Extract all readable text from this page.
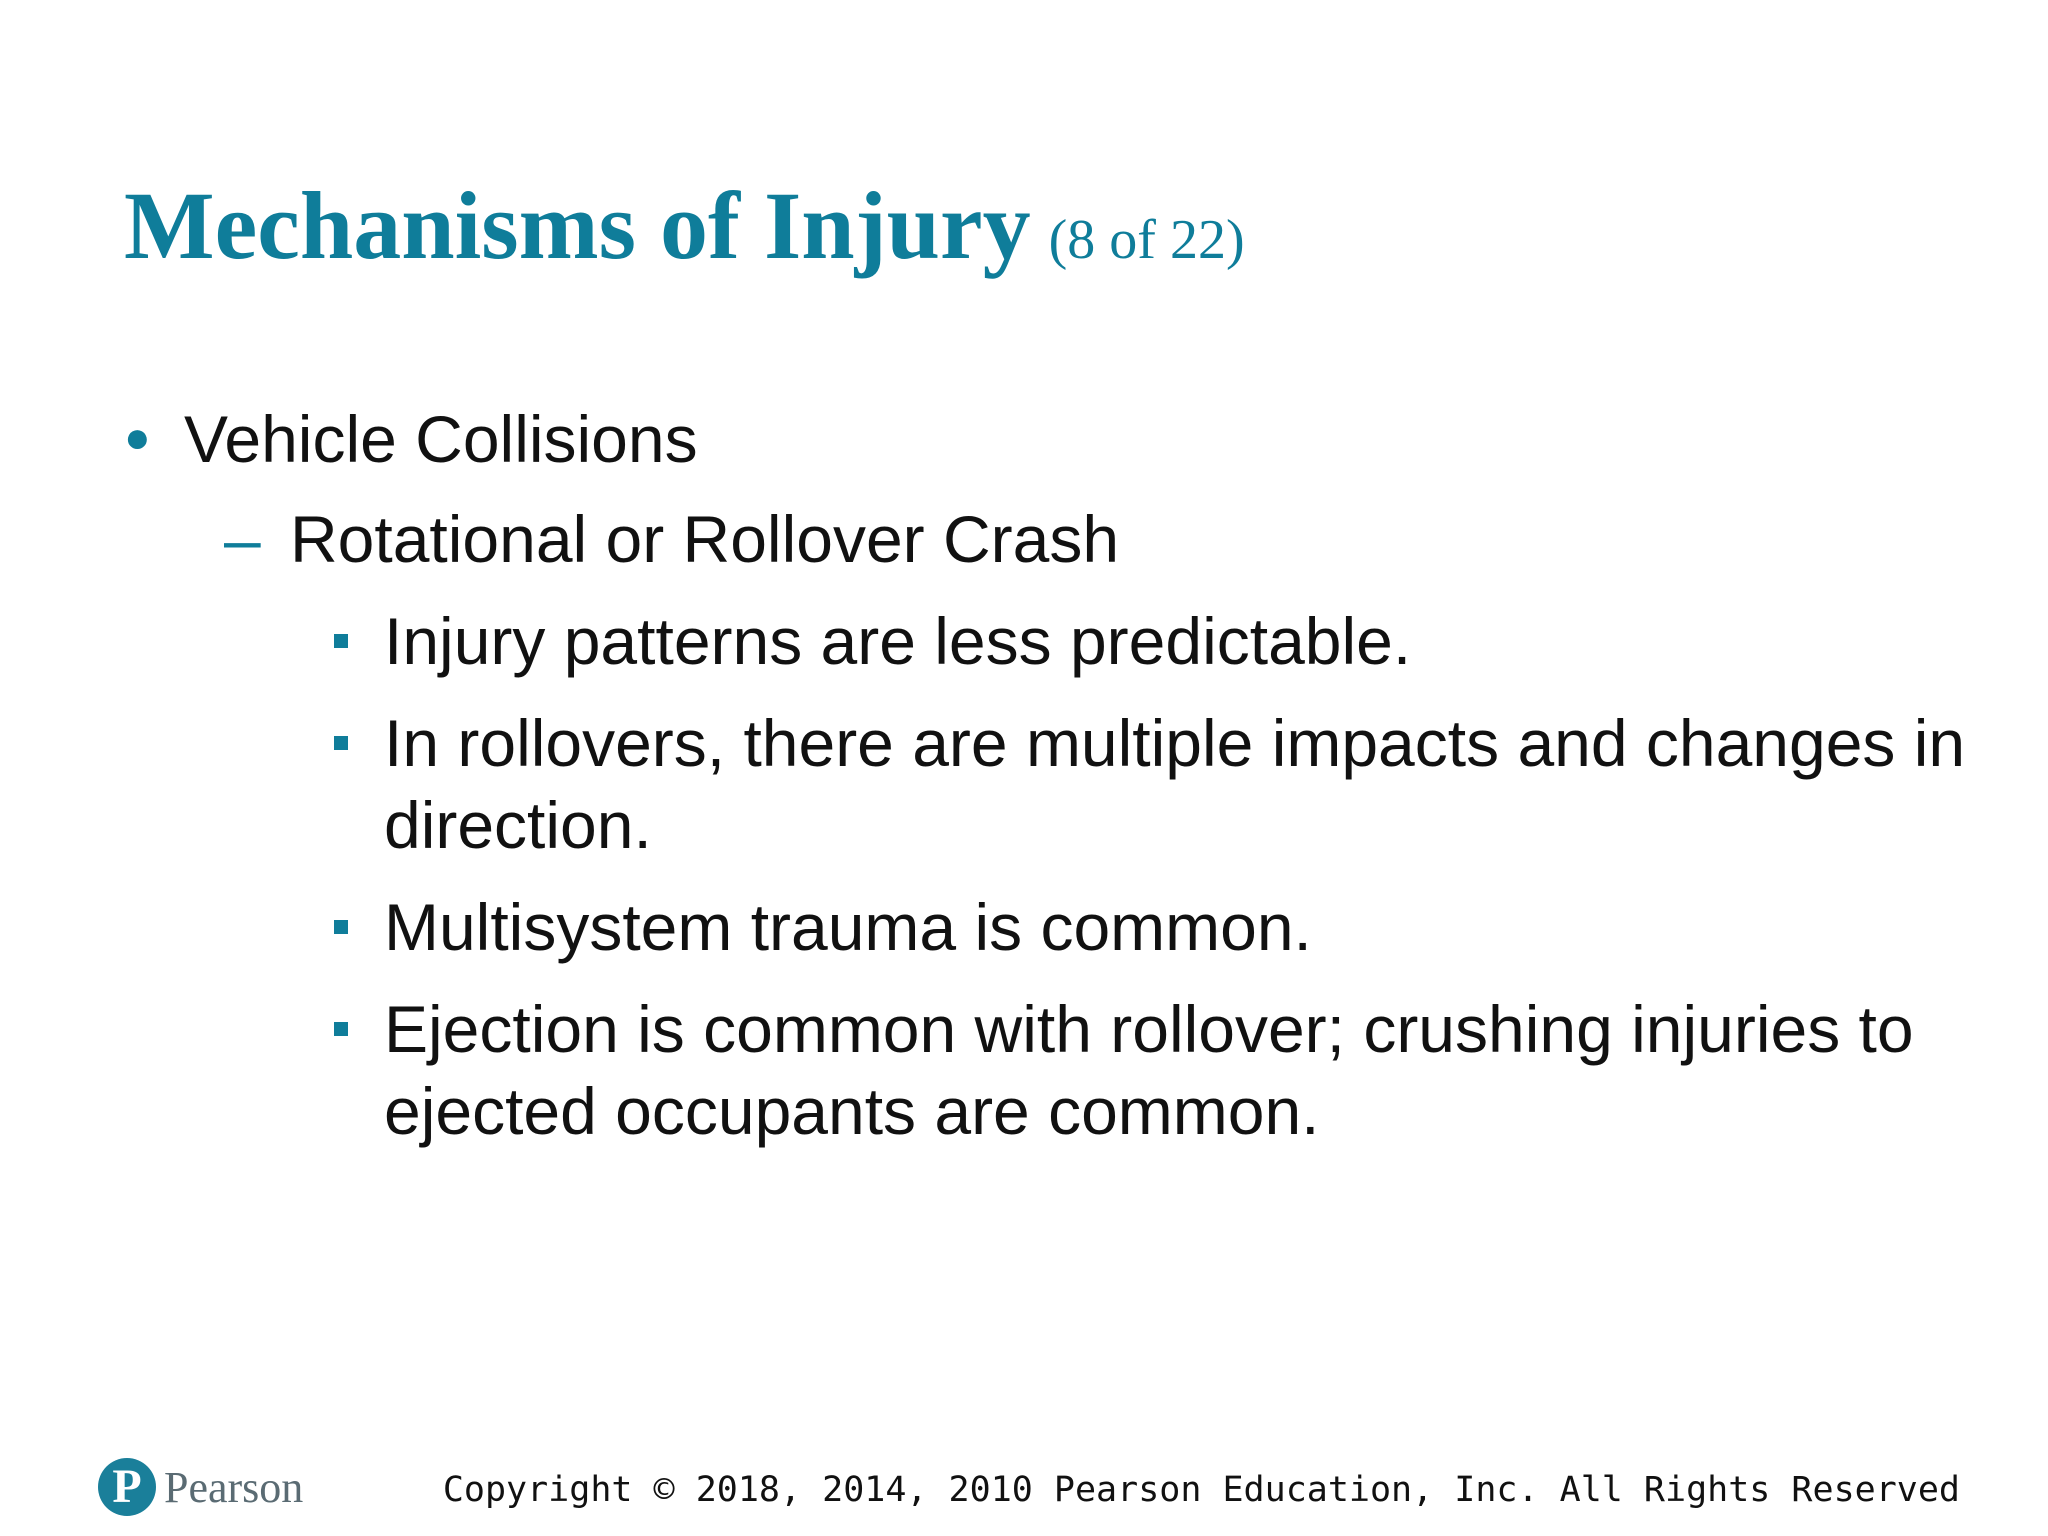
Mechanisms of Injury (8 of 22)
● Vehicle Collisions
– Rotational or Rollover Crash
Injury patterns are less predictable.
In rollovers, there are multiple impacts and changes in direction.
Multisystem trauma is common.
Ejection is common with rollover; crushing injuries to ejected occupants are common.
P Pearson	Copyright © 2018, 2014, 2010 Pearson Education, Inc. All Rights Reserved
